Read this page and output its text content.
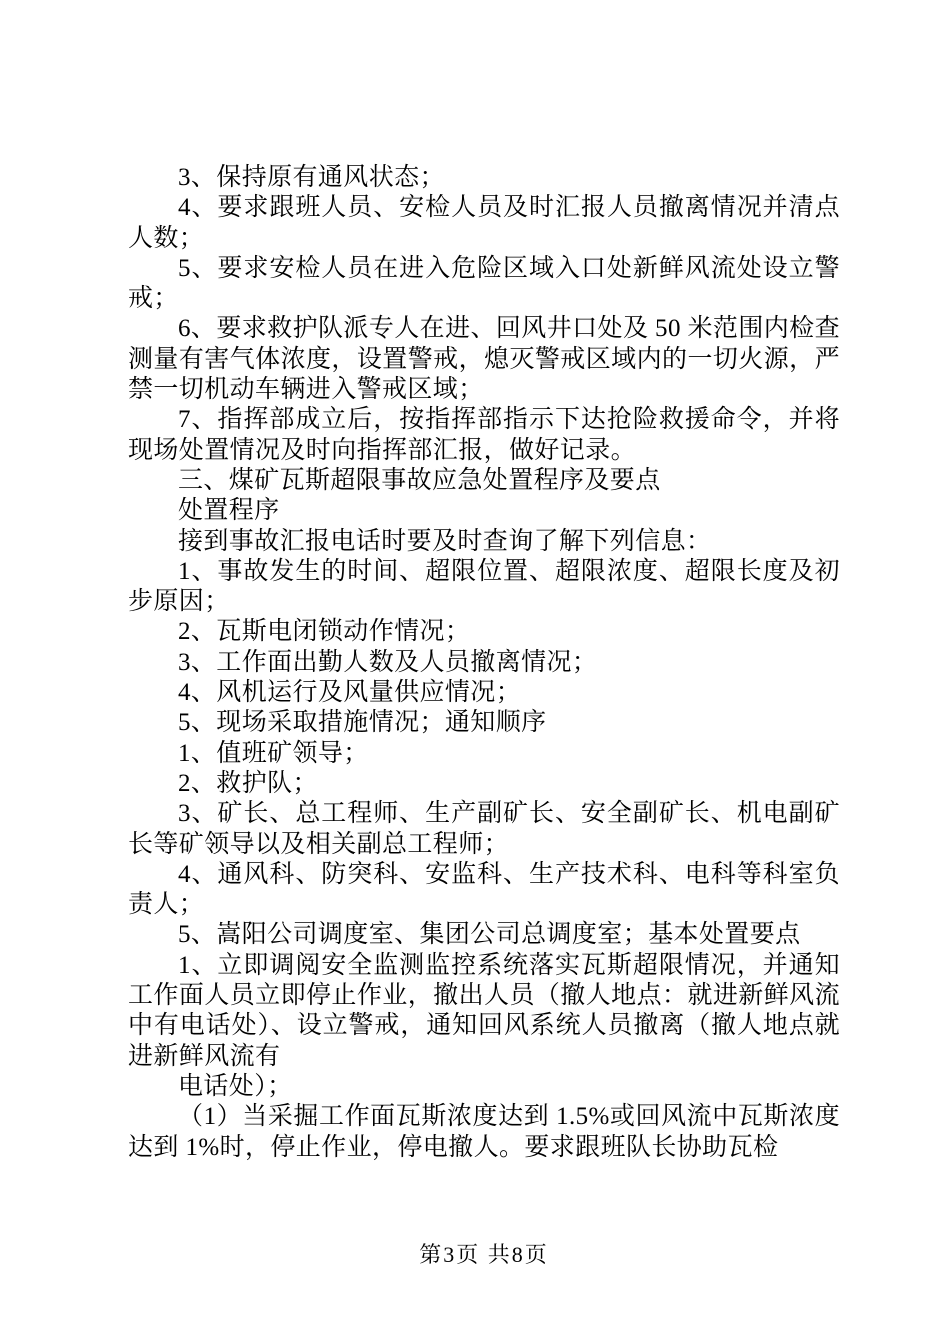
3、保持原有通风状态；

4、要求跟班人员、安检人员及时汇报人员撤离情况并清点人数；

5、要求安检人员在进入危险区域入口处新鲜风流处设立警戒；

6、要求救护队派专人在进、回风井口处及 50 米范围内检查测量有害气体浓度，设置警戒，熄灭警戒区域内的一切火源，严禁一切机动车辆进入警戒区域；

7、指挥部成立后，按指挥部指示下达抢险救援命令，并将现场处置情况及时向指挥部汇报，做好记录。

三、煤矿瓦斯超限事故应急处置程序及要点

处置程序

接到事故汇报电话时要及时查询了解下列信息：

1、事故发生的时间、超限位置、超限浓度、超限长度及初步原因；

2、瓦斯电闭锁动作情况；

3、工作面出勤人数及人员撤离情况；

4、风机运行及风量供应情况；

5、现场采取措施情况；通知顺序

1、值班矿领导；

2、救护队；

3、矿长、总工程师、生产副矿长、安全副矿长、机电副矿长等矿领导以及相关副总工程师；

4、通风科、防突科、安监科、生产技术科、电科等科室负责人；

5、嵩阳公司调度室、集团公司总调度室；基本处置要点

1、立即调阅安全监测监控系统落实瓦斯超限情况，并通知工作面人员立即停止作业，撤出人员（撤人地点：就进新鲜风流中有电话处）、设立警戒，通知回风系统人员撤离（撤人地点就进新鲜风流有

电话处）；

（1）当采掘工作面瓦斯浓度达到 1.5%或回风流中瓦斯浓度达到 1%时，停止作业，停电撤人。要求跟班队长协助瓦检

第3页 共8页
